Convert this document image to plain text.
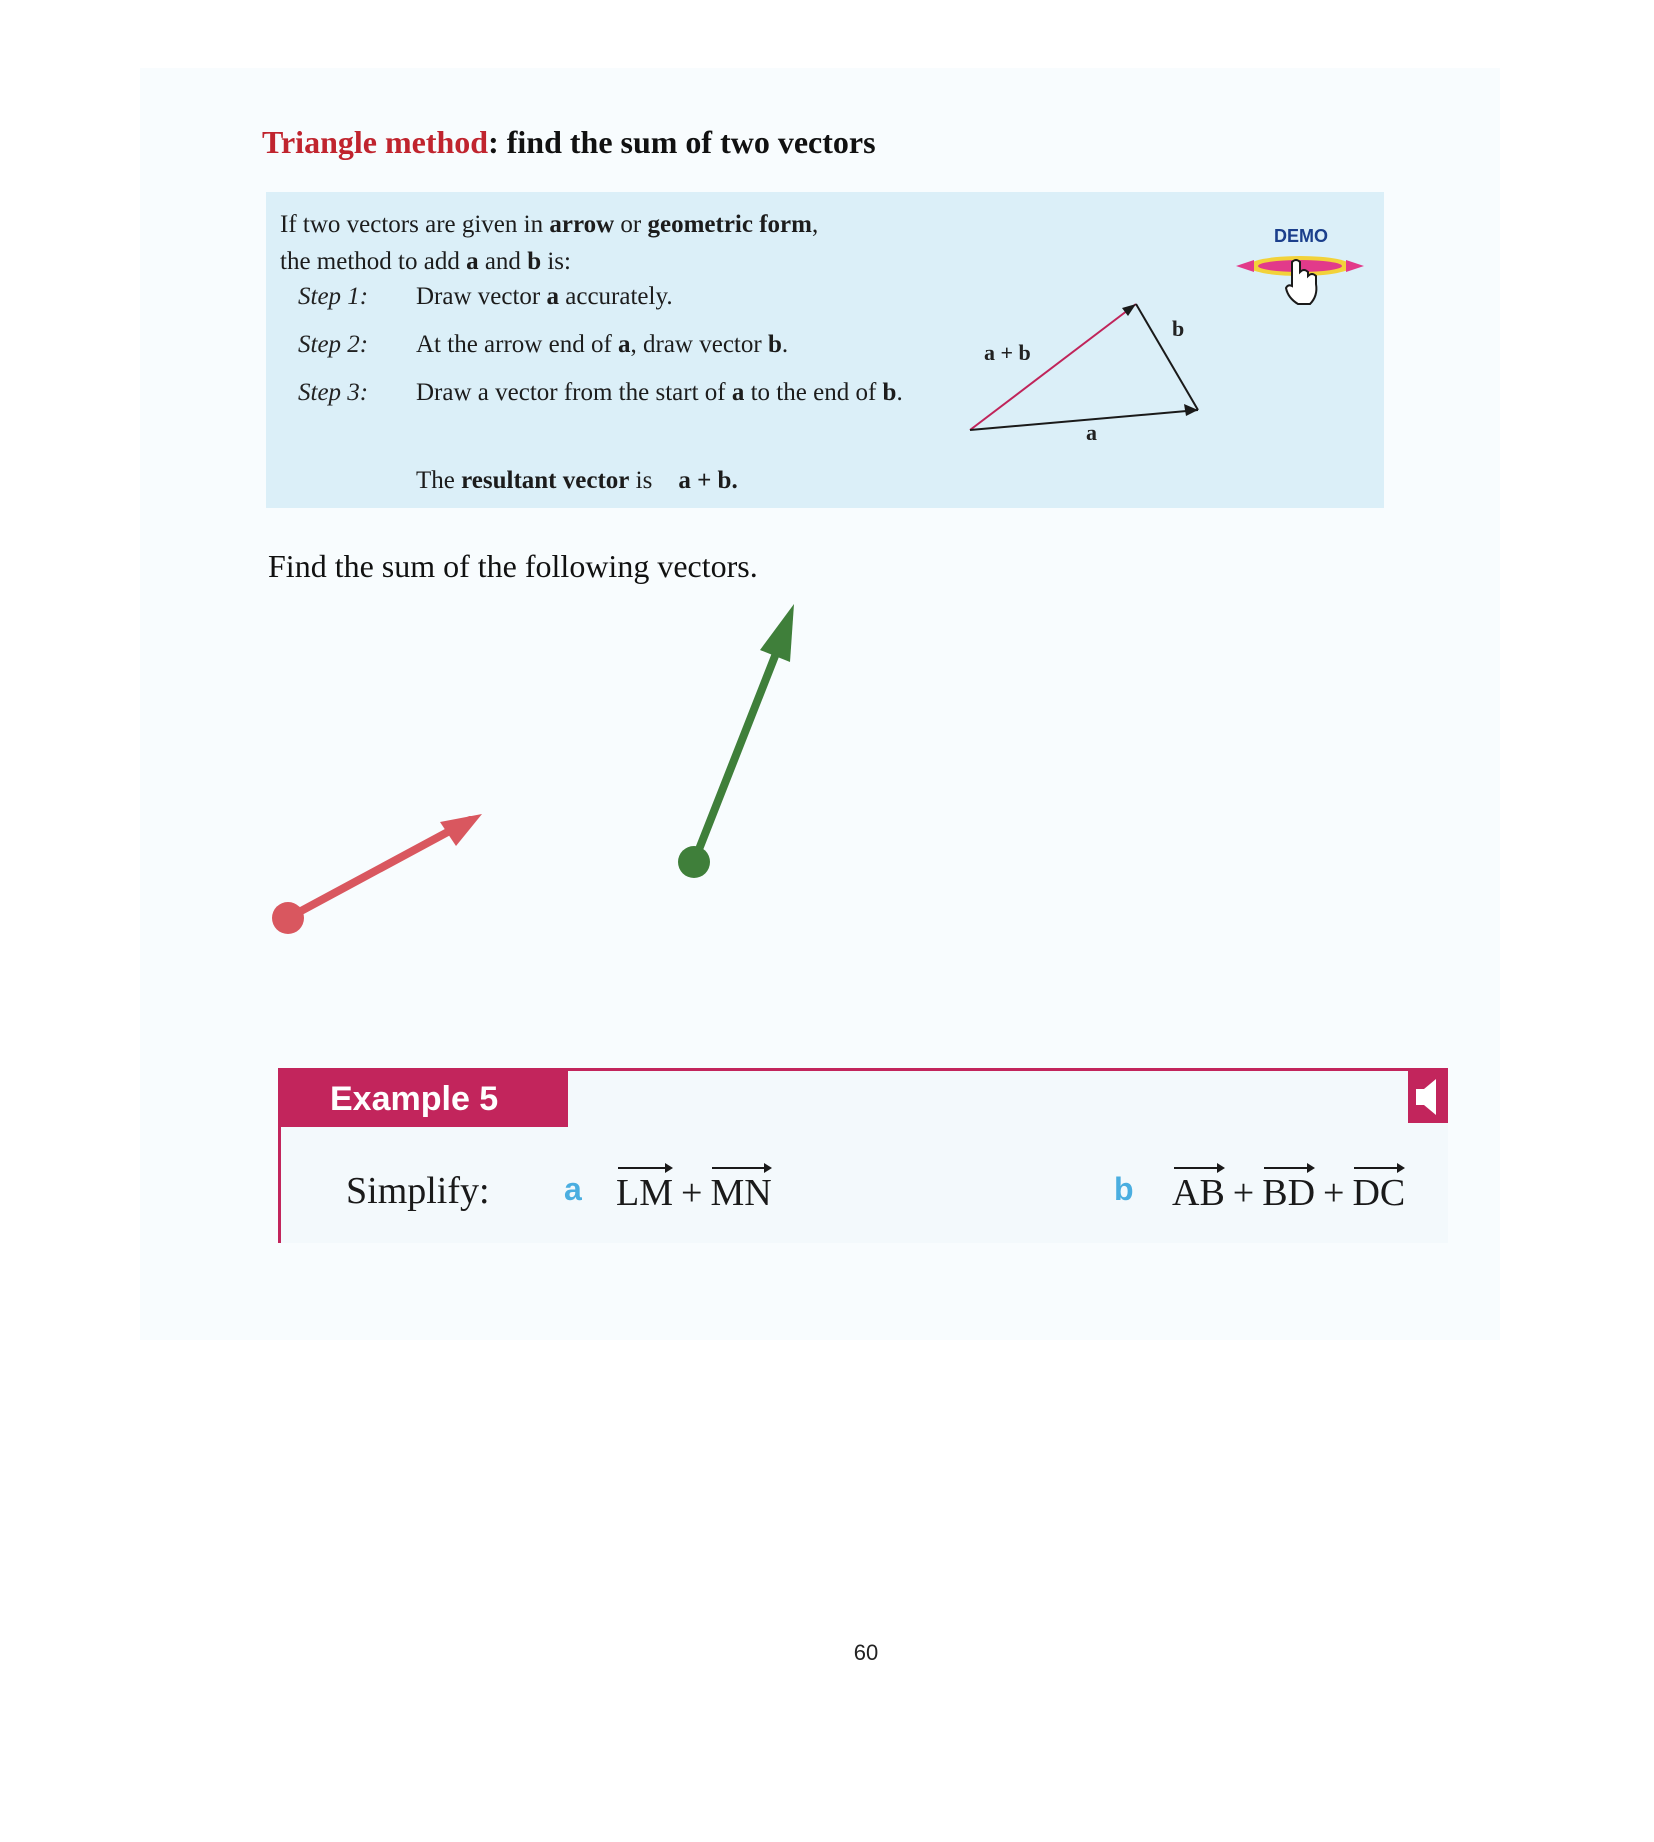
Triangle method: find the sum of two vectors

If two vectors are given in arrow or geometric form,
the method to add a and b is:

Step 1: Draw vector a accurately.
Step 2: At the arrow end of a, draw vector b.
Step 3: Draw a vector from the start of a to the end of b.
The resultant vector is a + b.
DEMO
a + b
b
a

Find the sum of the following vectors.

Example 5
Simplify: a LM + MN	b AB + BD + DC
60
